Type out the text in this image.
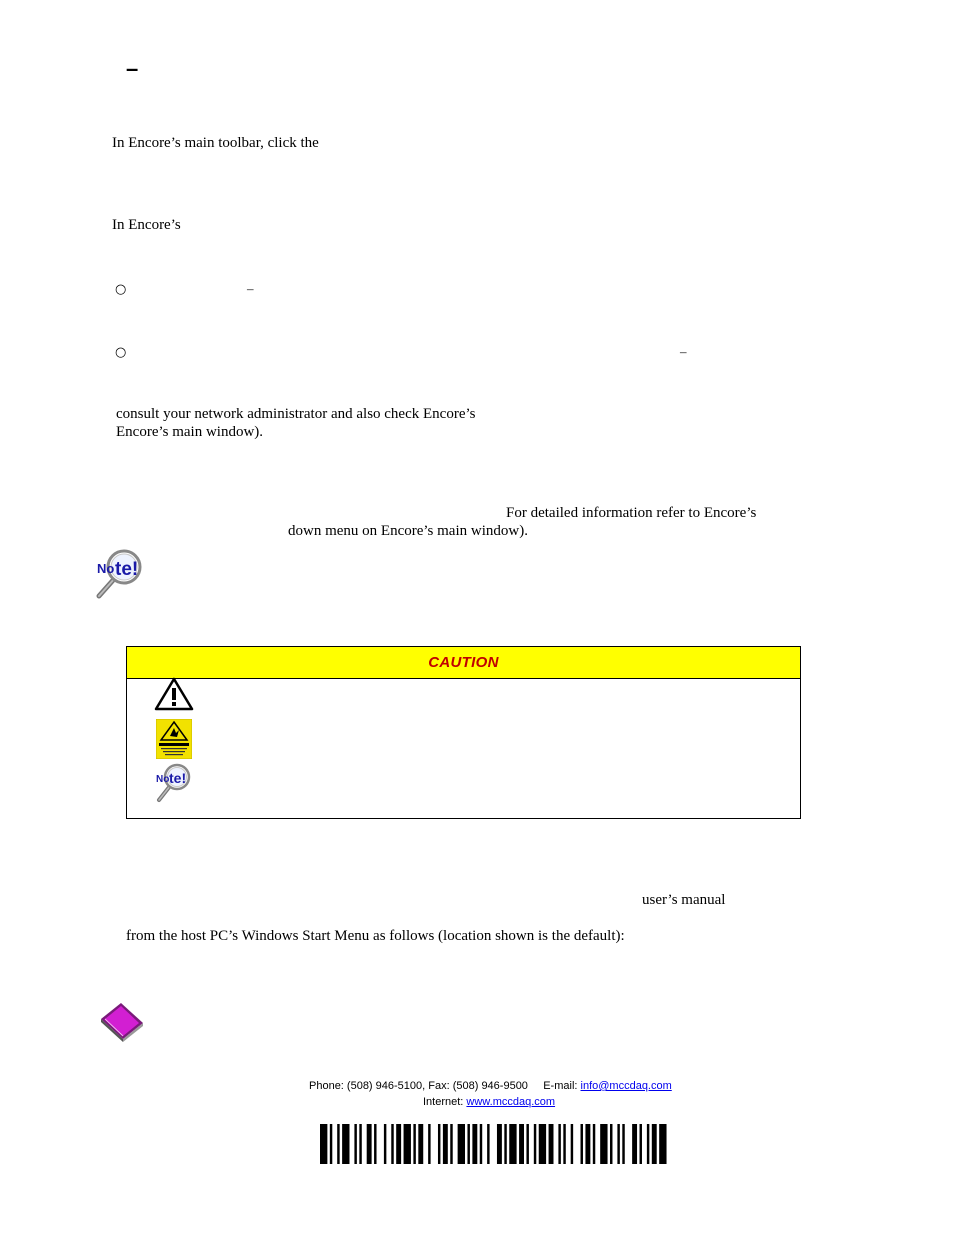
–
In Encore’s main toolbar, click the
In Encore’s
○	–
○	–
consult your network administrator and also check Encore’s
Encore’s main window).
For detailed information refer to Encore’s
down menu on Encore’s main window).
No te!
CAUTION
No te!
user’s manual
from the host PC’s Windows Start Menu as follows (location shown is the default):
Phone: (508) 946-5100, Fax: (508) 946-9500 E-mail: info@mccdaq.com
Internet: www.mccdaq.com
